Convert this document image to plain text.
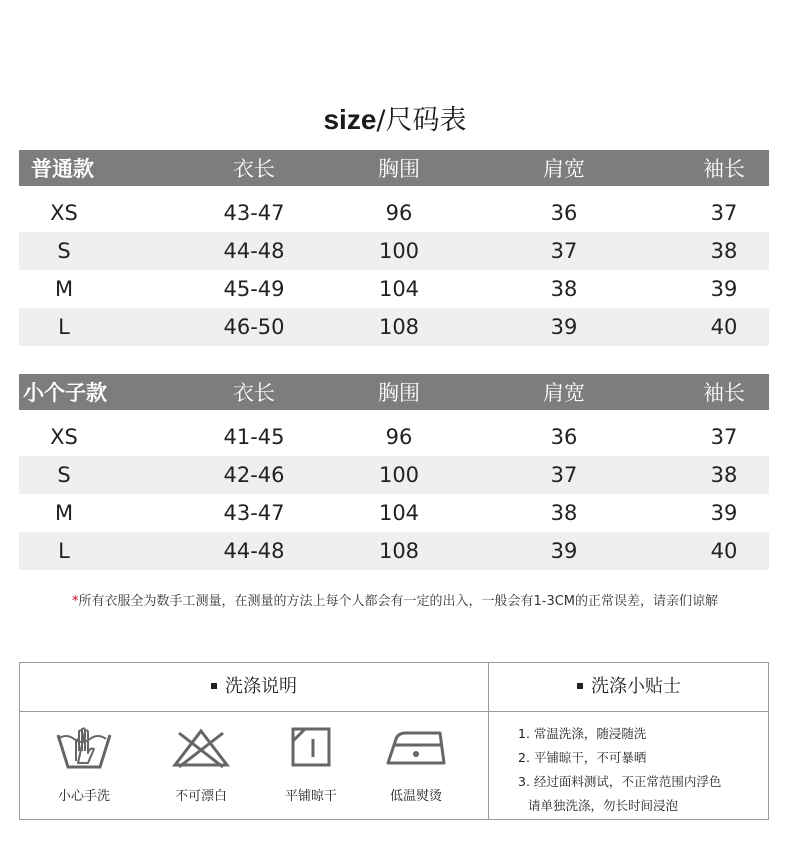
size/尺码表
普通款	衣长	胸围	肩宽	袖长
XS	43-47	96	36	37
S	44-48	100	37	38
M	45-49	104	38	39
L	46-50	108	39	40
小个子款	衣长	胸围	肩宽	袖长
XS	41-45	96	36	37
S	42-46	100	37	38
M	43-47	104	38	39
L	44-48	108	39	40
*所有衣服全为数手工测量，在测量的方法上每个人都会有一定的出入，一般会有1-3CM的正常误差，请亲们谅解
洗涤说明	洗涤小贴士
小心手洗	不可漂白	平铺晾干	低温熨烫
1. 常温洗涤，随浸随洗
2. 平铺晾干，不可暴晒
3. 经过面料测试，不正常范围内浮色
请单独洗涤，勿长时间浸泡
